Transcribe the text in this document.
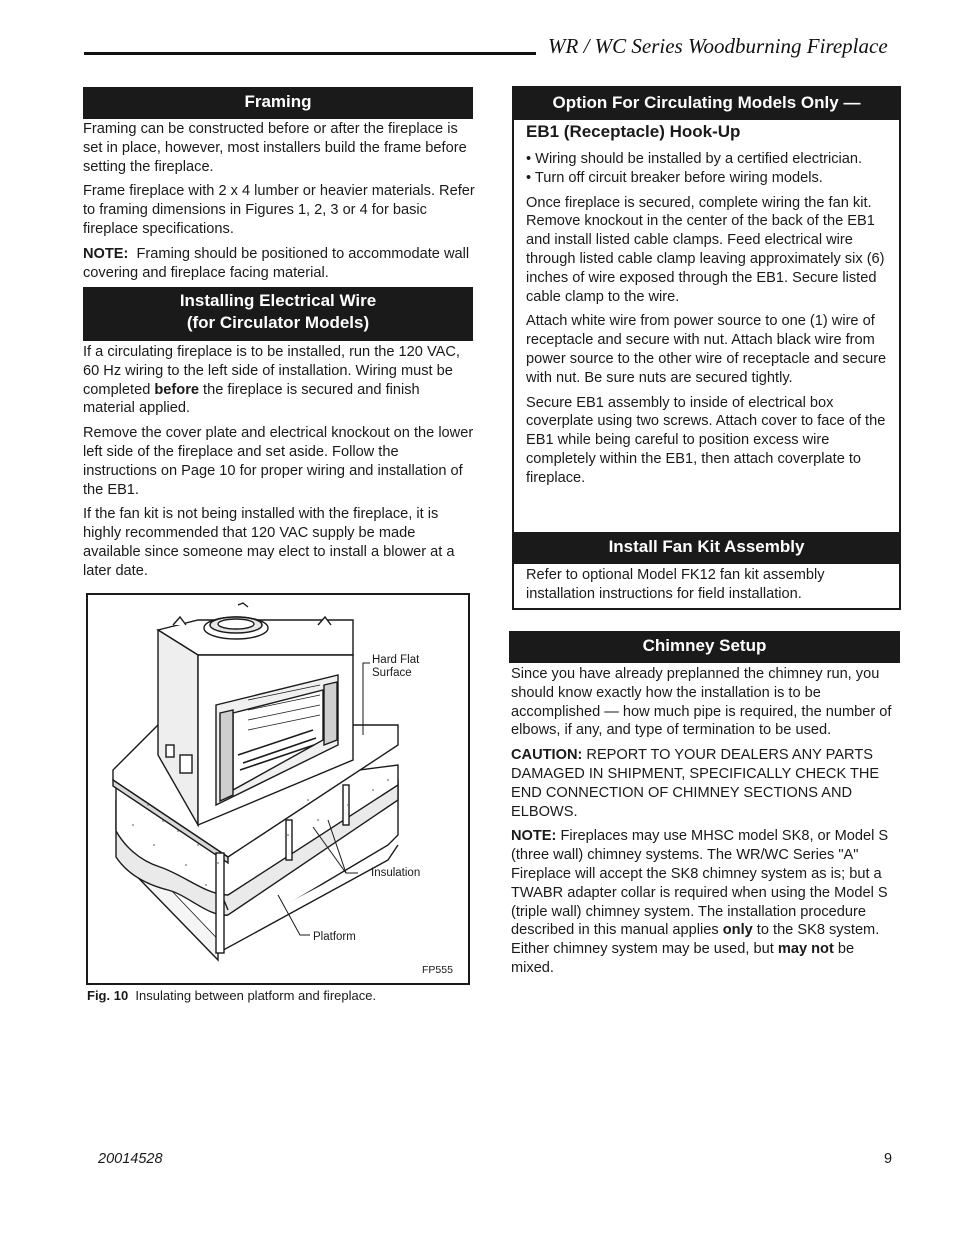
WR / WC Series Woodburning Fireplace
Framing

Framing can be constructed before or after the fireplace is set in place, however, most installers build the frame before setting the fireplace.

Frame fireplace with 2 x 4 lumber or heavier materials. Refer to framing dimensions in Figures 1, 2, 3 or 4 for basic fireplace specifications.

NOTE: Framing should be positioned to accommodate wall covering and fireplace facing material.

Installing Electrical Wire
(for Circulator Models)

If a circulating fireplace is to be installed, run the 120 VAC, 60 Hz wiring to the left side of installation. Wiring must be completed before the fireplace is secured and finish material applied.

Remove the cover plate and electrical knockout on the lower left side of the fireplace and set aside. Follow the instructions on Page 10 for proper wiring and installation of the EB1.

If the fan kit is not being installed with the fireplace, it is highly recommended that 120 VAC supply be made available since someone may elect to install a blower at a later date.

Hard Flat
Surface
Insulation
Platform
FP555
Fig. 10 Insulating between platform and fireplace.
Option For Circulating Models Only —
EB1 (Receptacle) Hook-Up
• Wiring should be installed by a certified electrician.
• Turn off circuit breaker before wiring models.

Once fireplace is secured, complete wiring the fan kit. Remove knockout in the center of the back of the EB1 and install listed cable clamps. Feed electrical wire through listed cable clamp leaving approximately six (6) inches of wire exposed through the EB1. Secure listed cable clamp to the wire.

Attach white wire from power source to one (1) wire of receptacle and secure with nut. Attach black wire from power source to the other wire of receptacle and secure with nut. Be sure nuts are secured tightly.

Secure EB1 assembly to inside of electrical box coverplate using two screws. Attach cover to face of the EB1 while being careful to position excess wire completely within the EB1, then attach coverplate to fireplace.

Install Fan Kit Assembly

Refer to optional Model FK12 fan kit assembly installation instructions for field installation.

Chimney Setup

Since you have already preplanned the chimney run, you should know exactly how the installation is to be accomplished — how much pipe is required, the number of elbows, if any, and type of termination to be used.

CAUTION: REPORT TO YOUR DEALERS ANY PARTS DAMAGED IN SHIPMENT, SPECIFICALLY CHECK THE END CONNECTION OF CHIMNEY SECTIONS AND ELBOWS.

NOTE: Fireplaces may use MHSC model SK8, or Model S (three wall) chimney systems. The WR/WC Series "A" Fireplace will accept the SK8 chimney system as is; but a TWABR adapter collar is required when using the Model S (triple wall) chimney system. The installation procedure described in this manual applies only to the SK8 system. Either chimney system may be used, but may not be mixed.

20014528	9
